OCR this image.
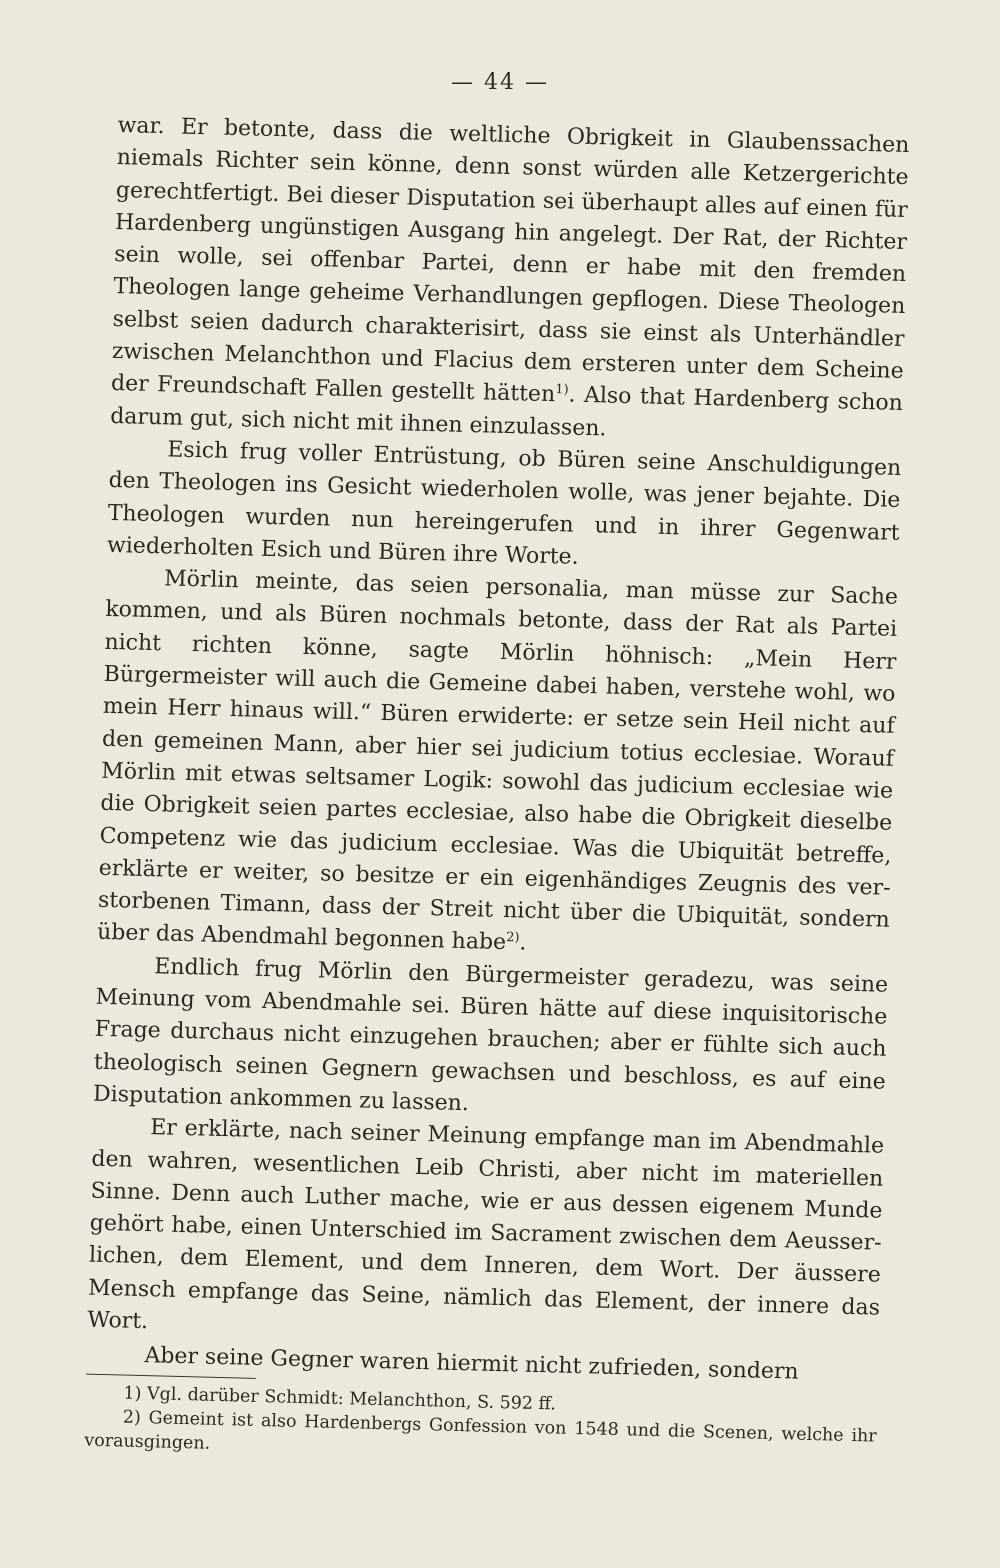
— 44 —

war. Er betonte, dass die weltliche Obrigkeit in Glaubenssachen niemals Richter sein könne, denn sonst würden alle Ketzergerichte gerechtfertigt. Bei dieser Disputation sei überhaupt alles auf einen für Hardenberg ungünstigen Ausgang hin angelegt. Der Rat, der Richter sein wolle, sei offenbar Partei, denn er habe mit den fremden Theologen lange geheime Verhandlungen gepflogen. Diese Theologen selbst seien dadurch charakterisirt, dass sie einst als Unterhändler zwischen Melanchthon und Flacius dem ersteren unter dem Scheine der Freundschaft Fallen gestellt hätten$^{1)}$. Also that Hardenberg schon darum gut, sich nicht mit ihnen einzulassen.

Esich frug voller Entrüstung, ob Büren seine Anschuldigungen den Theologen ins Gesicht wiederholen wolle, was jener bejahte. Die Theologen wurden nun hereingerufen und in ihrer Gegenwart wiederholten Esich und Büren ihre Worte.

Mörlin meinte, das seien personalia, man müsse zur Sache kommen, und als Büren nochmals betonte, dass der Rat als Partei nicht richten könne, sagte Mörlin höhnisch: „Mein Herr Bürgermeister will auch die Gemeine dabei haben, verstehe wohl, wo mein Herr hinaus will.“ Büren erwiderte: er setze sein Heil nicht auf den gemeinen Mann, aber hier sei judicium totius ecclesiae. Worauf Mörlin mit etwas seltsamer Logik: sowohl das judicium ecclesiae wie die Obrigkeit seien partes ecclesiae, also habe die Obrigkeit dieselbe Competenz wie das judicium ecclesiae. Was die Ubiquität betreffe, erklärte er weiter, so besitze er ein eigenhändiges Zeugnis des verstorbenen Timann, dass der Streit nicht über die Ubiquität, sondern über das Abendmahl begonnen habe$^{2)}$.

Endlich frug Mörlin den Bürgermeister geradezu, was seine Meinung vom Abendmahle sei. Büren hätte auf diese inquisitorische Frage durchaus nicht einzugehen brauchen; aber er fühlte sich auch theologisch seinen Gegnern gewachsen und beschloss, es auf eine Disputation ankommen zu lassen.

Er erklärte, nach seiner Meinung empfange man im Abendmahle den wahren, wesentlichen Leib Christi, aber nicht im materiellen Sinne. Denn auch Luther mache, wie er aus dessen eigenem Munde gehört habe, einen Unterschied im Sacrament zwischen dem Aeusserlichen, dem Element, und dem Inneren, dem Wort. Der äussere Mensch empfange das Seine, nämlich das Element, der innere das Wort.

Aber seine Gegner waren hiermit nicht zufrieden, sondern

1) Vgl. darüber Schmidt: Melanchthon, S. 592 ff.

2) Gemeint ist also Hardenbergs Gonfession von 1548 und die Scenen, welche ihr vorausgingen.
